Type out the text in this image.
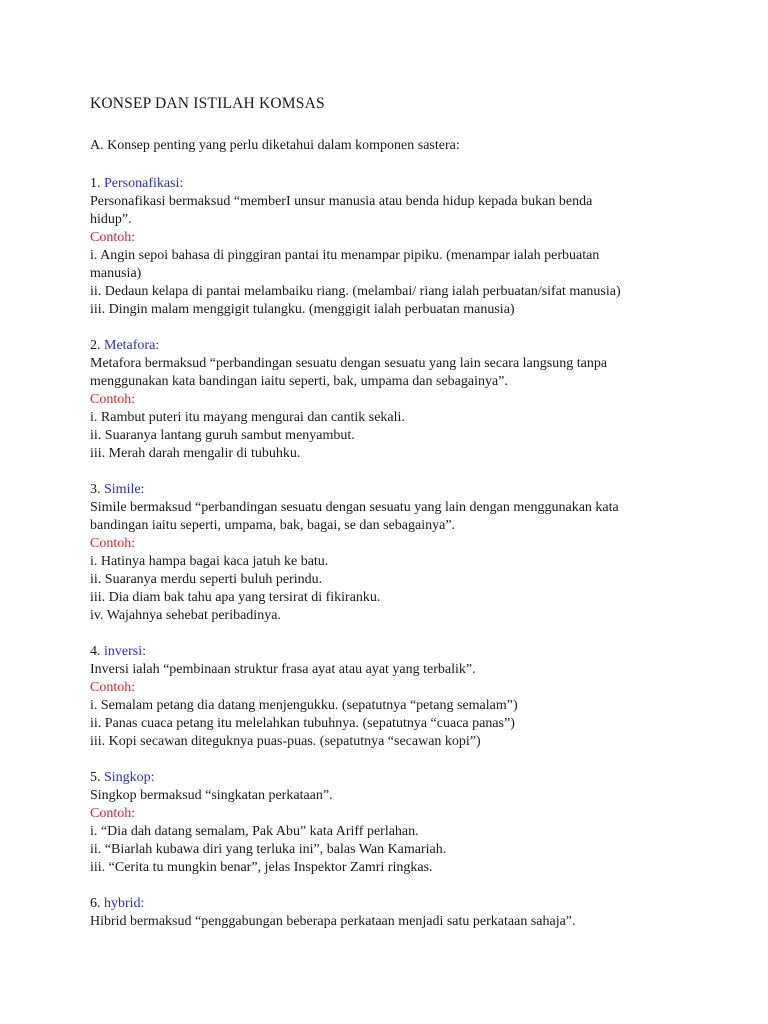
KONSEP DAN ISTILAH KOMSAS

A. Konsep penting yang perlu diketahui dalam komponen sastera:

1. Personafikasi:

Personafikasi bermaksud “memberI unsur manusia atau benda hidup kepada bukan benda

hidup”.

Contoh:

i. Angin sepoi bahasa di pinggiran pantai itu menampar pipiku. (menampar ialah perbuatan

manusia)

ii. Dedaun kelapa di pantai melambaiku riang. (melambai/ riang ialah perbuatan/sifat manusia)

iii. Dingin malam menggigit tulangku. (menggigit ialah perbuatan manusia)

2. Metafora:

Metafora bermaksud “perbandingan sesuatu dengan sesuatu yang lain secara langsung tanpa

menggunakan kata bandingan iaitu seperti, bak, umpama dan sebagainya”.

Contoh:

i. Rambut puteri itu mayang mengurai dan cantik sekali.

ii. Suaranya lantang guruh sambut menyambut.

iii. Merah darah mengalir di tubuhku.

3. Simile:

Simile bermaksud “perbandingan sesuatu dengan sesuatu yang lain dengan menggunakan kata

bandingan iaitu seperti, umpama, bak, bagai, se dan sebagainya”.

Contoh:

i. Hatinya hampa bagai kaca jatuh ke batu.

ii. Suaranya merdu seperti buluh perindu.

iii. Dia diam bak tahu apa yang tersirat di fikiranku.

iv. Wajahnya sehebat peribadinya.

4. inversi:

Inversi ialah “pembinaan struktur frasa ayat atau ayat yang terbalik”.

Contoh:

i. Semalam petang dia datang menjengukku. (sepatutnya “petang semalam”)

ii. Panas cuaca petang itu melelahkan tubuhnya. (sepatutnya “cuaca panas”)

iii. Kopi secawan diteguknya puas-puas. (sepatutnya “secawan kopi”)

5. Singkop:

Singkop bermaksud “singkatan perkataan”.

Contoh:

i. “Dia dah datang semalam, Pak Abu” kata Ariff perlahan.

ii. “Biarlah kubawa diri yang terluka ini”, balas Wan Kamariah.

iii. “Cerita tu mungkin benar”, jelas Inspektor Zamri ringkas.

6. hybrid:

Hibrid bermaksud “penggabungan beberapa perkataan menjadi satu perkataan sahaja”.
